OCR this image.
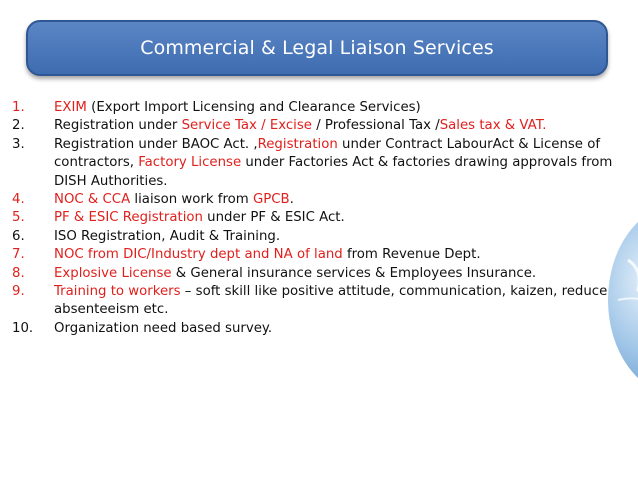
Commercial & Legal Liaison Services
1.	EXIM (Export Import Licensing and Clearance Services)
2.	Registration under Service Tax / Excise / Professional Tax /Sales tax & VAT.
3.	Registration under BAOC Act. ,Registration under Contract LabourAct & License of contractors, Factory License under Factories Act & factories drawing approvals from DISH Authorities.
4.	NOC & CCA liaison work from GPCB.
5.	PF & ESIC Registration under PF & ESIC Act.
6.	ISO Registration, Audit & Training.
7.	NOC from DIC/Industry dept and NA of land from Revenue Dept.
8.	Explosive License & General insurance services & Employees Insurance.
9.	Training to workers – soft skill like positive attitude, communication, kaizen, reduce absenteeism etc.
10.	Organization need based survey.
